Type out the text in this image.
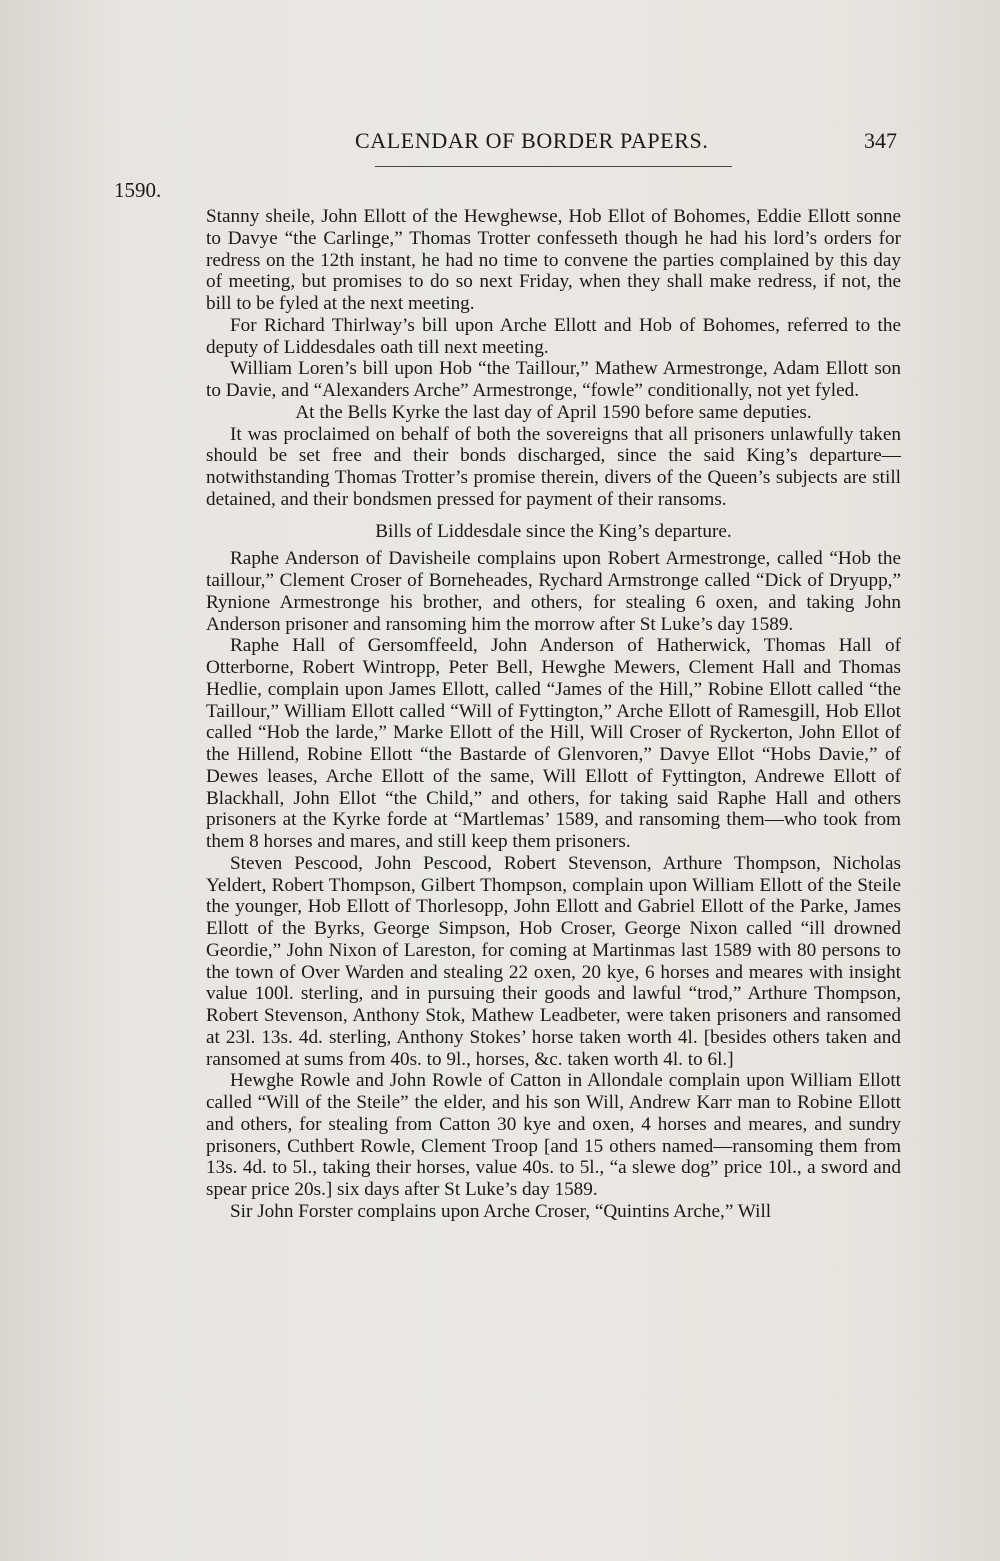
CALENDAR OF BORDER PAPERS.	347
1590.

Stanny sheile, John Ellott of the Hewghewse, Hob Ellot of Bohomes, Eddie Ellott sonne to Davye “the Carlinge,” Thomas Trotter confesseth though he had his lord’s orders for redress on the 12th instant, he had no time to convene the parties complained by this day of meeting, but promises to do so next Friday, when they shall make redress, if not, the bill to be fyled at the next meeting.

For Richard Thirlway’s bill upon Arche Ellott and Hob of Bohomes, referred to the deputy of Liddesdales oath till next meeting.

William Loren’s bill upon Hob “the Taillour,” Mathew Armestronge, Adam Ellott son to Davie, and “Alexanders Arche” Armestronge, “fowle” conditionally, not yet fyled.

At the Bells Kyrke the last day of April 1590 before same deputies.

It was proclaimed on behalf of both the sovereigns that all prisoners unlawfully taken should be set free and their bonds discharged, since the said King’s departure—notwithstanding Thomas Trotter’s promise therein, divers of the Queen’s subjects are still detained, and their bondsmen pressed for payment of their ransoms.

Bills of Liddesdale since the King’s departure.

Raphe Anderson of Davisheile complains upon Robert Armestronge, called “Hob the taillour,” Clement Croser of Borneheades, Rychard Armstronge called “Dick of Dryupp,” Rynione Armestronge his brother, and others, for stealing 6 oxen, and taking John Anderson prisoner and ransoming him the morrow after St Luke’s day 1589.

Raphe Hall of Gersomffeeld, John Anderson of Hatherwick, Thomas Hall of Otterborne, Robert Wintropp, Peter Bell, Hewghe Mewers, Clement Hall and Thomas Hedlie, complain upon James Ellott, called “James of the Hill,” Robine Ellott called “the Taillour,” William Ellott called “Will of Fyttington,” Arche Ellott of Ramesgill, Hob Ellot called “Hob the larde,” Marke Ellott of the Hill, Will Croser of Ryckerton, John Ellot of the Hillend, Robine Ellott “the Bastarde of Glenvoren,” Davye Ellot “Hobs Davie,” of Dewes leases, Arche Ellott of the same, Will Ellott of Fyttington, Andrewe Ellott of Blackhall, John Ellot “the Child,” and others, for taking said Raphe Hall and others prisoners at the Kyrke forde at “Martlemas’ 1589, and ransoming them—who took from them 8 horses and mares, and still keep them prisoners.

Steven Pescood, John Pescood, Robert Stevenson, Arthure Thompson, Nicholas Yeldert, Robert Thompson, Gilbert Thompson, complain upon William Ellott of the Steile the younger, Hob Ellott of Thorlesopp, John Ellott and Gabriel Ellott of the Parke, James Ellott of the Byrks, George Simpson, Hob Croser, George Nixon called “ill drowned Geordie,” John Nixon of Lareston, for coming at Martinmas last 1589 with 80 persons to the town of Over Warden and stealing 22 oxen, 20 kye, 6 horses and meares with insight value 100l. sterling, and in pursuing their goods and lawful “trod,” Arthure Thompson, Robert Stevenson, Anthony Stok, Mathew Leadbeter, were taken prisoners and ransomed at 23l. 13s. 4d. sterling, Anthony Stokes’ horse taken worth 4l. [besides others taken and ransomed at sums from 40s. to 9l., horses, &c. taken worth 4l. to 6l.]

Hewghe Rowle and John Rowle of Catton in Allondale complain upon William Ellott called “Will of the Steile” the elder, and his son Will, Andrew Karr man to Robine Ellott and others, for stealing from Catton 30 kye and oxen, 4 horses and meares, and sundry prisoners, Cuthbert Rowle, Clement Troop [and 15 others named—ransoming them from 13s. 4d. to 5l., taking their horses, value 40s. to 5l., “a slewe dog” price 10l., a sword and spear price 20s.] six days after St Luke’s day 1589.

Sir John Forster complains upon Arche Croser, “Quintins Arche,” Will
